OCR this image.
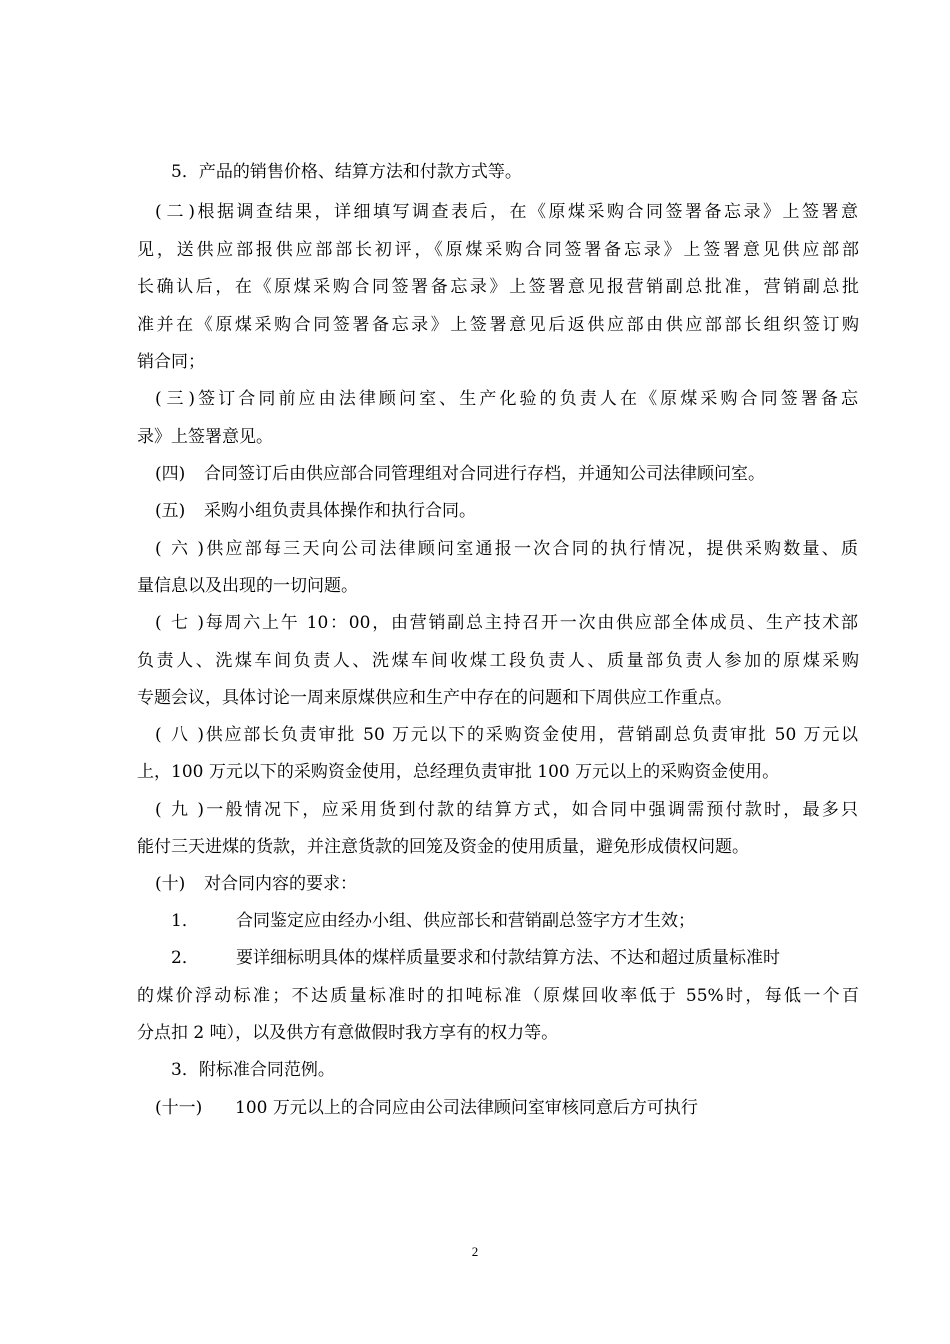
5．产品的销售价格、结算方法和付款方式等。
(二)根据调查结果，详细填写调查表后，在《原煤采购合同签署备忘录》上签署意
见，送供应部报供应部部长初评，《原煤采购合同签署备忘录》上签署意见供应部部
长确认后，在《原煤采购合同签署备忘录》上签署意见报营销副总批准，营销副总批
准并在《原煤采购合同签署备忘录》上签署意见后返供应部由供应部部长组织签订购
销合同；
(三)签订合同前应由法律顾问室、生产化验的负责人在《原煤采购合同签署备忘
录》上签署意见。
(四) 合同签订后由供应部合同管理组对合同进行存档，并通知公司法律顾问室。
(五) 采购小组负责具体操作和执行合同。
(六)供应部每三天向公司法律顾问室通报一次合同的执行情况，提供采购数量、质
量信息以及出现的一切问题。
(七)每周六上午 10：00，由营销副总主持召开一次由供应部全体成员、生产技术部
负责人、洗煤车间负责人、洗煤车间收煤工段负责人、质量部负责人参加的原煤采购
专题会议，具体讨论一周来原煤供应和生产中存在的问题和下周供应工作重点。
(八)供应部长负责审批 50 万元以下的采购资金使用，营销副总负责审批 50 万元以
上，100 万元以下的采购资金使用，总经理负责审批 100 万元以上的采购资金使用。
(九)一般情况下，应采用货到付款的结算方式，如合同中强调需预付款时，最多只
能付三天进煤的货款，并注意货款的回笼及资金的使用质量，避免形成债权问题。
(十) 对合同内容的要求：
1． 合同鉴定应由经办小组、供应部长和营销副总签字方才生效；
2． 要详细标明具体的煤样质量要求和付款结算方法、不达和超过质量标准时
的煤价浮动标准；不达质量标准时的扣吨标准（原煤回收率低于 55%时，每低一个百
分点扣 2 吨），以及供方有意做假时我方享有的权力等。
3．附标准合同范例。
(十一) 100 万元以上的合同应由公司法律顾问室审核同意后方可执行
2
